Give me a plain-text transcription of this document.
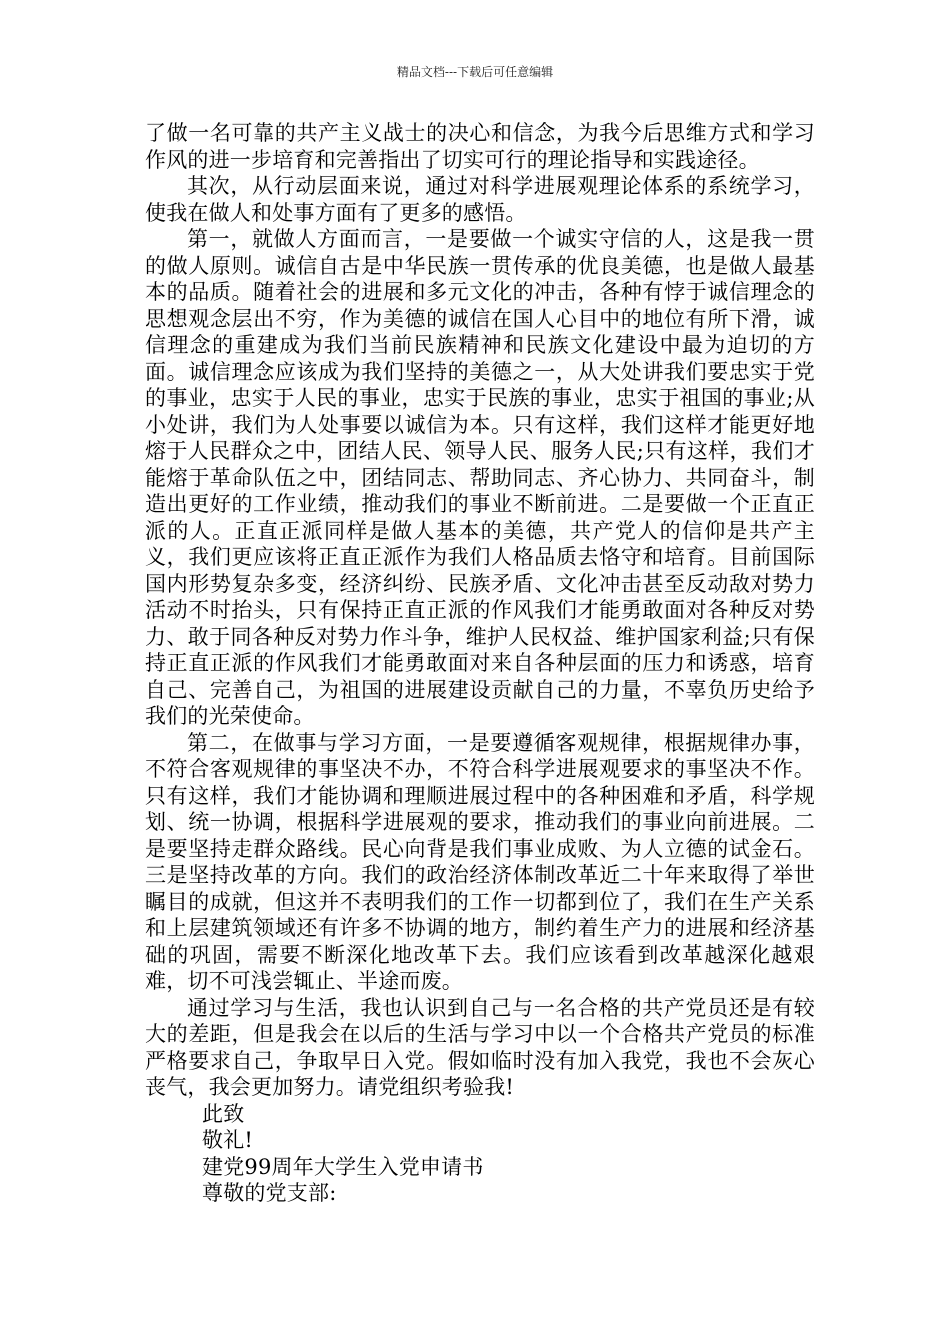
精品文档---下载后可任意编辑

了做一名可靠的共产主义战士的决心和信念，为我今后思维方式和学习作风的进一步培育和完善指出了切实可行的理论指导和实践途径。

其次，从行动层面来说，通过对科学进展观理论体系的系统学习，使我在做人和处事方面有了更多的感悟。

第一，就做人方面而言，一是要做一个诚实守信的人，这是我一贯的做人原则。诚信自古是中华民族一贯传承的优良美德，也是做人最基本的品质。随着社会的进展和多元文化的冲击，各种有悖于诚信理念的思想观念层出不穷，作为美德的诚信在国人心目中的地位有所下滑，诚信理念的重建成为我们当前民族精神和民族文化建设中最为迫切的方面。诚信理念应该成为我们坚持的美德之一，从大处讲我们要忠实于党的事业，忠实于人民的事业，忠实于民族的事业，忠实于祖国的事业;从小处讲，我们为人处事要以诚信为本。只有这样，我们这样才能更好地熔于人民群众之中，团结人民、领导人民、服务人民;只有这样，我们才能熔于革命队伍之中，团结同志、帮助同志、齐心协力、共同奋斗，制造出更好的工作业绩，推动我们的事业不断前进。二是要做一个正直正派的人。正直正派同样是做人基本的美德，共产党人的信仰是共产主义，我们更应该将正直正派作为我们人格品质去恪守和培育。目前国际国内形势复杂多变，经济纠纷、民族矛盾、文化冲击甚至反动敌对势力活动不时抬头，只有保持正直正派的作风我们才能勇敢面对各种反对势力、敢于同各种反对势力作斗争，维护人民权益、维护国家利益;只有保持正直正派的作风我们才能勇敢面对来自各种层面的压力和诱惑，培育自己、完善自己，为祖国的进展建设贡献自己的力量，不辜负历史给予我们的光荣使命。

第二，在做事与学习方面，一是要遵循客观规律，根据规律办事，不符合客观规律的事坚决不办，不符合科学进展观要求的事坚决不作。只有这样，我们才能协调和理顺进展过程中的各种困难和矛盾，科学规划、统一协调，根据科学进展观的要求，推动我们的事业向前进展。二是要坚持走群众路线。民心向背是我们事业成败、为人立德的试金石。三是坚持改革的方向。我们的政治经济体制改革近二十年来取得了举世瞩目的成就，但这并不表明我们的工作一切都到位了，我们在生产关系和上层建筑领域还有许多不协调的地方，制约着生产力的进展和经济基础的巩固，需要不断深化地改革下去。我们应该看到改革越深化越艰难，切不可浅尝辄止、半途而废。

通过学习与生活，我也认识到自己与一名合格的共产党员还是有较大的差距，但是我会在以后的生活与学习中以一个合格共产党员的标准严格要求自己，争取早日入党。假如临时没有加入我党，我也不会灰心丧气，我会更加努力。请党组织考验我!

此致

敬礼!

建党99周年大学生入党申请书

尊敬的党支部:
